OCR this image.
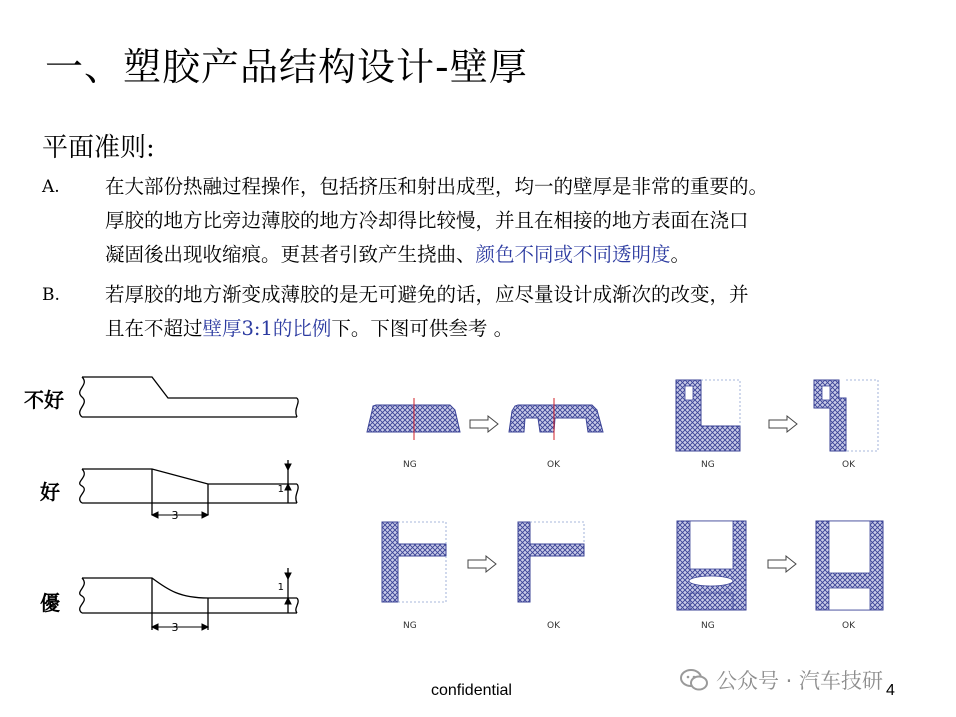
一、塑胶产品结构设计-壁厚
平面准则:
A. 在大部份热融过程操作，包括挤压和射出成型，均一的壁厚是非常的重要的。
厚胶的地方比旁边薄胶的地方冷却得比较慢，并且在相接的地方表面在浇口
凝固後出现收缩痕。更甚者引致产生挠曲、颜色不同或不同透明度。
B. 若厚胶的地方渐变成薄胶的是无可避免的话，应尽量设计成渐次的改变，并
且在不超过壁厚3:1的比例下。下图可供叁考 。
不好
好
優
3
3
1
1
NG	OK	NG	OK
NG	OK	NG	OK
公众号 · 汽车技研
confidential	4
